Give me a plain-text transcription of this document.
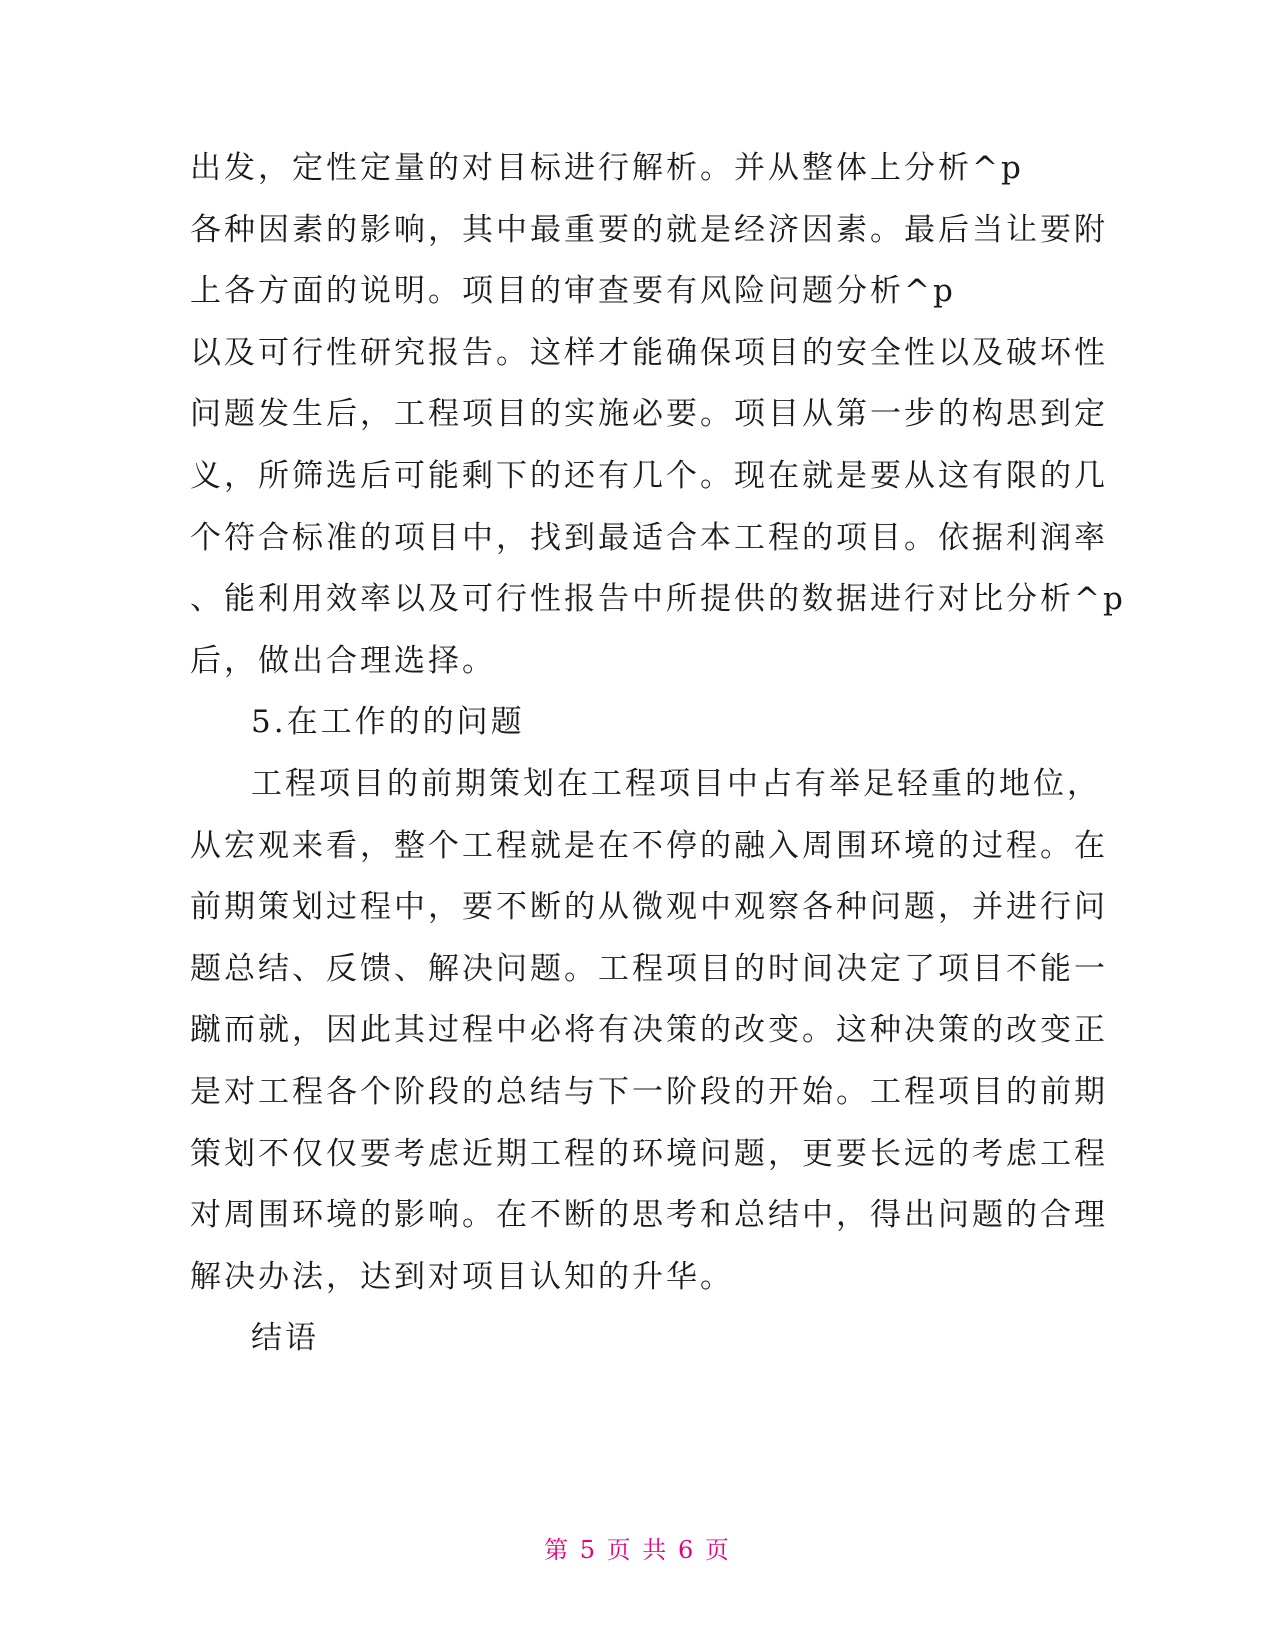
出发，定性定量的对目标进行解析。并从整体上分析^p
各种因素的影响，其中最重要的就是经济因素。最后当让要附
上各方面的说明。项目的审查要有风险问题分析^p
以及可行性研究报告。这样才能确保项目的安全性以及破坏性
问题发生后，工程项目的实施必要。项目从第一步的构思到定
义，所筛选后可能剩下的还有几个。现在就是要从这有限的几
个符合标准的项目中，找到最适合本工程的项目。依据利润率
、能利用效率以及可行性报告中所提供的数据进行对比分析^p
后，做出合理选择。
5.在工作的的问题
工程项目的前期策划在工程项目中占有举足轻重的地位，
从宏观来看，整个工程就是在不停的融入周围环境的过程。在
前期策划过程中，要不断的从微观中观察各种问题，并进行问
题总结、反馈、解决问题。工程项目的时间决定了项目不能一
蹴而就，因此其过程中必将有决策的改变。这种决策的改变正
是对工程各个阶段的总结与下一阶段的开始。工程项目的前期
策划不仅仅要考虑近期工程的环境问题，更要长远的考虑工程
对周围环境的影响。在不断的思考和总结中，得出问题的合理
解决办法，达到对项目认知的升华。
结语
第 5 页 共 6 页
